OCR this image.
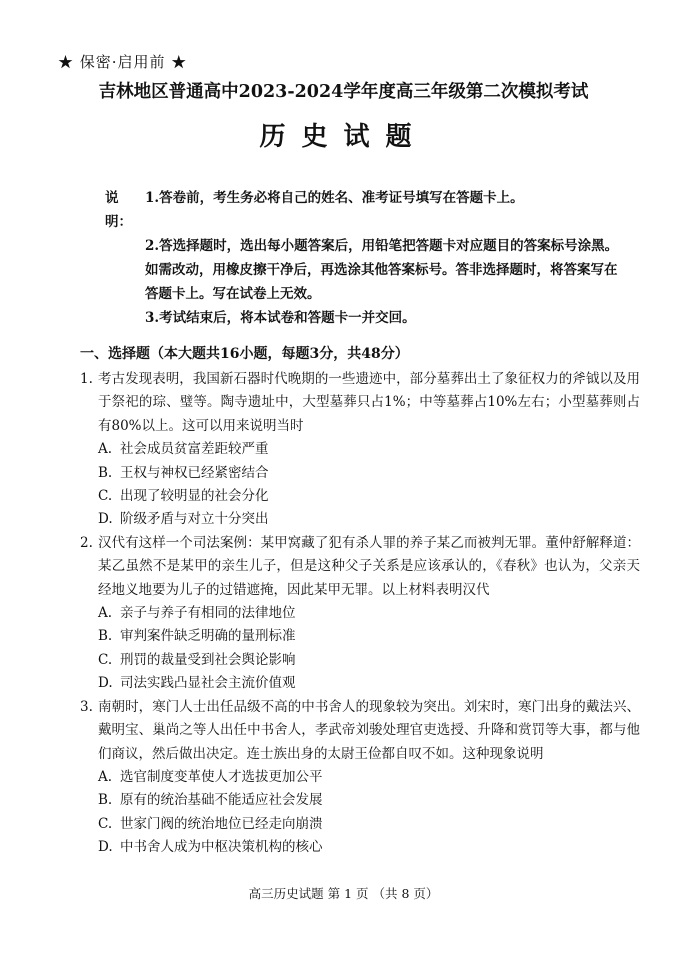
★ 保密·启用前 ★
吉林地区普通高中2023-2024学年度高三年级第二次模拟考试
历史试题
说明：
1.答卷前，考生务必将自己的姓名、准考证号填写在答题卡上。
2.答选择题时，选出每小题答案后，用铅笔把答题卡对应题目的答案标号涂黑。如需改动，用橡皮擦干净后，再选涂其他答案标号。答非选择题时，将答案写在答题卡上。写在试卷上无效。
3.考试结束后，将本试卷和答题卡一并交回。
一、选择题（本大题共16小题，每题3分，共48分）
1. 考古发现表明，我国新石器时代晚期的一些遗迹中，部分墓葬出土了象征权力的斧钺以及用于祭祀的琮、璧等。陶寺遗址中，大型墓葬只占1%；中等墓葬占10%左右；小型墓葬则占有80%以上。这可以用来说明当时
A. 社会成员贫富差距较严重
B. 王权与神权已经紧密结合
C. 出现了较明显的社会分化
D. 阶级矛盾与对立十分突出
2. 汉代有这样一个司法案例：某甲窝藏了犯有杀人罪的养子某乙而被判无罪。董仲舒解释道：某乙虽然不是某甲的亲生儿子，但是这种父子关系是应该承认的，《春秋》也认为，父亲天经地义地要为儿子的过错遮掩，因此某甲无罪。以上材料表明汉代
A. 亲子与养子有相同的法律地位
B. 审判案件缺乏明确的量刑标准
C. 刑罚的裁量受到社会舆论影响
D. 司法实践凸显社会主流价值观
3. 南朝时，寒门人士出任品级不高的中书舍人的现象较为突出。刘宋时，寒门出身的戴法兴、戴明宝、巢尚之等人出任中书舍人，孝武帝刘骏处理官吏选授、升降和赏罚等大事，都与他们商议，然后做出决定。连士族出身的太尉王俭都自叹不如。这种现象说明
A. 选官制度变革使人才选拔更加公平
B. 原有的统治基础不能适应社会发展
C. 世家门阀的统治地位已经走向崩溃
D. 中书舍人成为中枢决策机构的核心
高三历史试题 第 1 页 （共 8 页）
